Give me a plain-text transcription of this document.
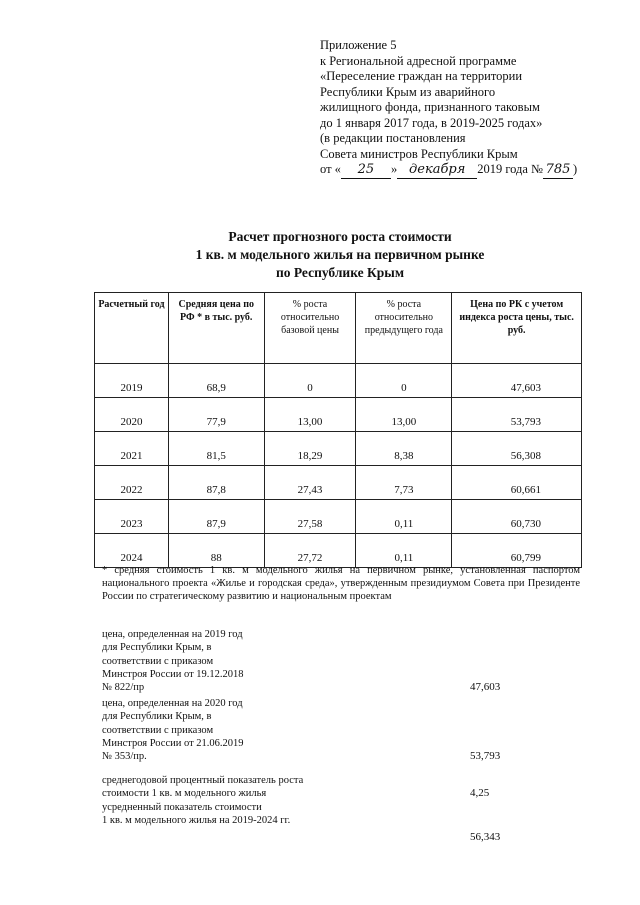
Приложение 5
к Региональной адресной программе
«Переселение граждан на территории
Республики Крым из аварийного
жилищного фонда, признанного таковым
до 1 января 2017 года, в 2019-2025 годах»
(в редакции постановления
Совета министров Республики Крым
от « 25 » декабря 2019 года № 785 )
Расчет прогнозного роста стоимости
1 кв. м модельного жилья на первичном рынке
по Республике Крым
Расчетный год	Средняя цена по РФ * в тыс. руб.	% роста относительно базовой цены	% роста относительно предыдущего года	Цена по РК с учетом индекса роста цены, тыс. руб.
2019	68,9	0	0	47,603
2020	77,9	13,00	13,00	53,793
2021	81,5	18,29	8,38	56,308
2022	87,8	27,43	7,73	60,661
2023	87,9	27,58	0,11	60,730
2024	88	27,72	0,11	60,799
* средняя стоимость 1 кв. м модельного жилья на первичном рынке, установленная паспортом национального проекта «Жилье и городская среда», утвержденным президиумом Совета при Президенте России по стратегическому развитию и национальным проектам
цена, определенная на 2019 год
для Республики Крым, в
соответствии с приказом
Минстроя России от 19.12.2018
№ 822/пр	47,603
цена, определенная на 2020 год
для Республики Крым, в
соответствии с приказом
Минстроя России от 21.06.2019
№ 353/пр.	53,793
среднегодовой процентный показатель роста
стоимости 1 кв. м модельного жилья	4,25
усредненный показатель стоимости
1 кв. м модельного жилья на 2019-2024 гг.
56,343
